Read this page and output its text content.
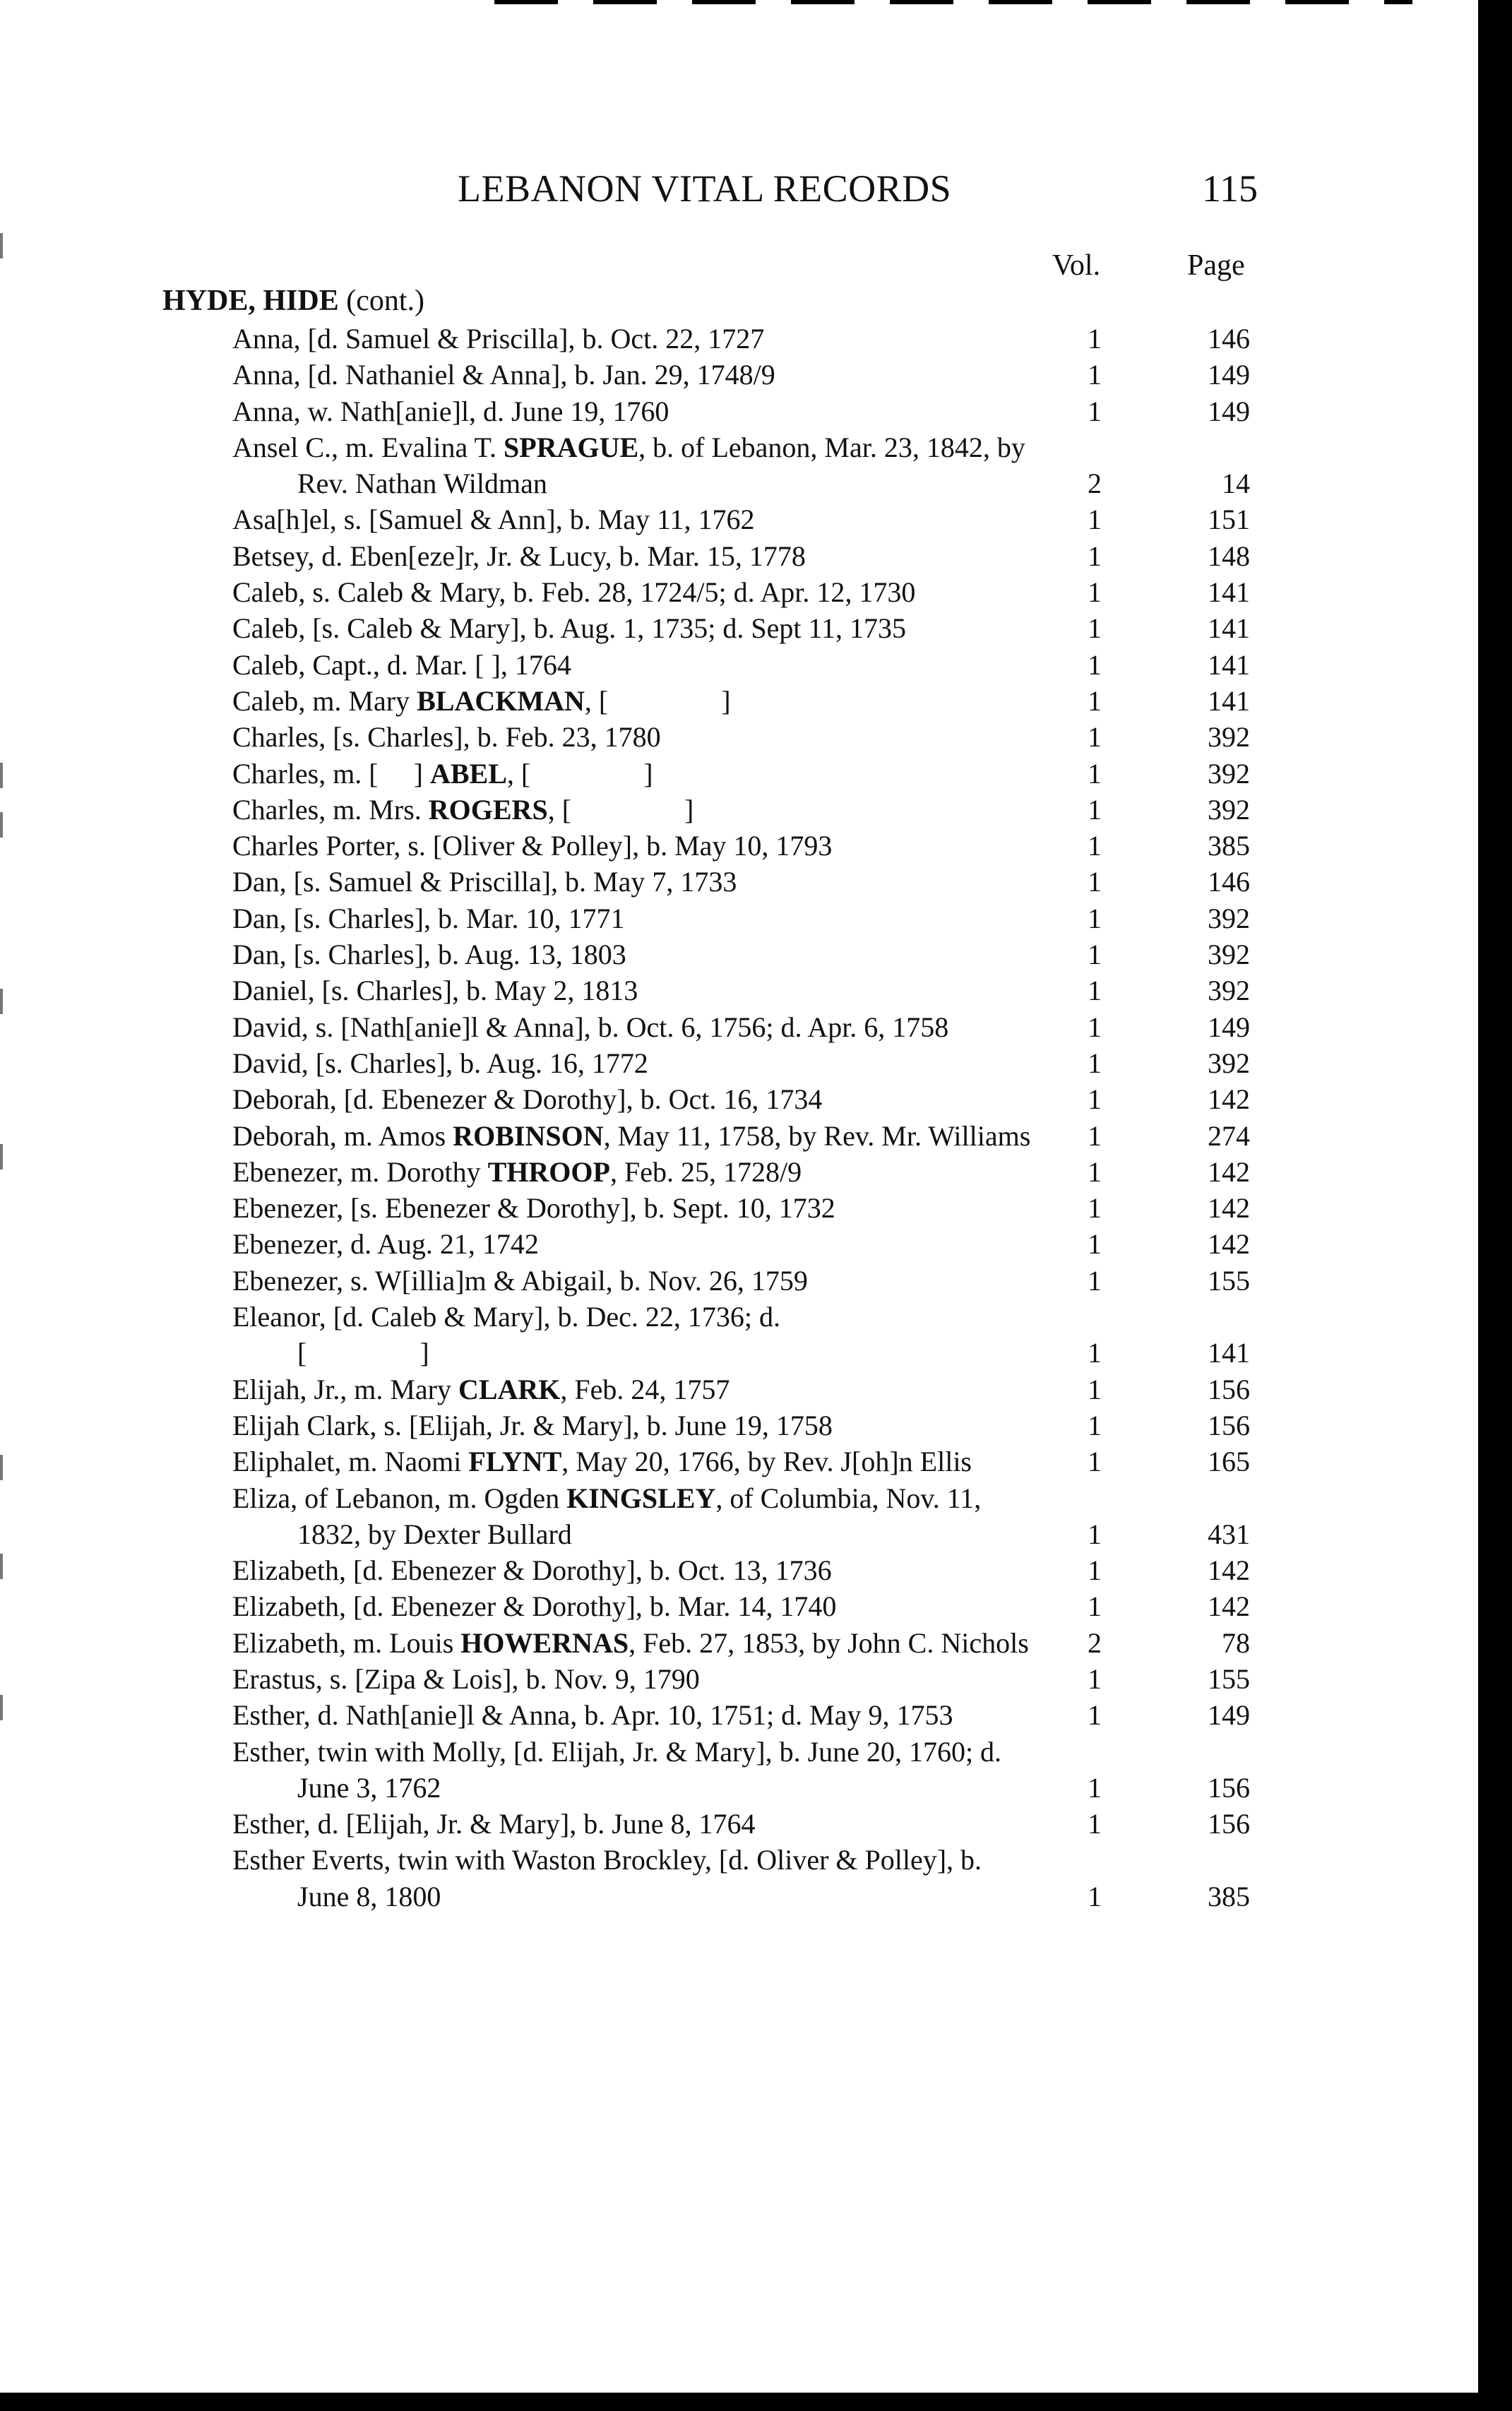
LEBANON VITAL RECORDS	115
Vol.	Page
HYDE, HIDE (cont.)
Anna, [d. Samuel & Priscilla], b. Oct. 22, 1727	1	146
Anna, [d. Nathaniel & Anna], b. Jan. 29, 1748/9	1	149
Anna, w. Nath[anie]l, d. June 19, 1760	1	149
Ansel C., m. Evalina T. SPRAGUE, b. of Lebanon, Mar. 23, 1842, by Rev. Nathan Wildman	2	14
Asa[h]el, s. [Samuel & Ann], b. May 11, 1762	1	151
Betsey, d. Eben[eze]r, Jr. & Lucy, b. Mar. 15, 1778	1	148
Caleb, s. Caleb & Mary, b. Feb. 28, 1724/5; d. Apr. 12, 1730	1	141
Caleb, [s. Caleb & Mary], b. Aug. 1, 1735; d. Sept 11, 1735	1	141
Caleb, Capt., d. Mar. [ ], 1764	1	141
Caleb, m. Mary BLACKMAN, [	]	1	141
Charles, [s. Charles], b. Feb. 23, 1780	1	392
Charles, m. [     ] ABEL, [	]	1	392
Charles, m. Mrs. ROGERS, [	]	1	392
Charles Porter, s. [Oliver & Polley], b. May 10, 1793	1	385
Dan, [s. Samuel & Priscilla], b. May 7, 1733	1	146
Dan, [s. Charles], b. Mar. 10, 1771	1	392
Dan, [s. Charles], b. Aug. 13, 1803	1	392
Daniel, [s. Charles], b. May 2, 1813	1	392
David, s. [Nath[anie]l & Anna], b. Oct. 6, 1756; d. Apr. 6, 1758	1	149
David, [s. Charles], b. Aug. 16, 1772	1	392
Deborah, [d. Ebenezer & Dorothy], b. Oct. 16, 1734	1	142
Deborah, m. Amos ROBINSON, May 11, 1758, by Rev. Mr. Williams	1	274
Ebenezer, m. Dorothy THROOP, Feb. 25, 1728/9	1	142
Ebenezer, [s. Ebenezer & Dorothy], b. Sept. 10, 1732	1	142
Ebenezer, d. Aug. 21, 1742	1	142
Ebenezer, s. W[illia]m & Abigail, b. Nov. 26, 1759	1	155
Eleanor, [d. Caleb & Mary], b. Dec. 22, 1736; d.
[	]	1	141
Elijah, Jr., m. Mary CLARK, Feb. 24, 1757	1	156
Elijah Clark, s. [Elijah, Jr. & Mary], b. June 19, 1758	1	156
Eliphalet, m. Naomi FLYNT, May 20, 1766, by Rev. J[oh]n Ellis	1	165
Eliza, of Lebanon, m. Ogden KINGSLEY, of Columbia, Nov. 11, 1832, by Dexter Bullard	1	431
Elizabeth, [d. Ebenezer & Dorothy], b. Oct. 13, 1736	1	142
Elizabeth, [d. Ebenezer & Dorothy], b. Mar. 14, 1740	1	142
Elizabeth, m. Louis HOWERNAS, Feb. 27, 1853, by John C. Nichols	2	78
Erastus, s. [Zipa & Lois], b. Nov. 9, 1790	1	155
Esther, d. Nath[anie]l & Anna, b. Apr. 10, 1751; d. May 9, 1753	1	149
Esther, twin with Molly, [d. Elijah, Jr. & Mary], b. June 20, 1760; d. June 3, 1762	1	156
Esther, d. [Elijah, Jr. & Mary], b. June 8, 1764	1	156
Esther Everts, twin with Waston Brockley, [d. Oliver & Polley], b. June 8, 1800	1	385
